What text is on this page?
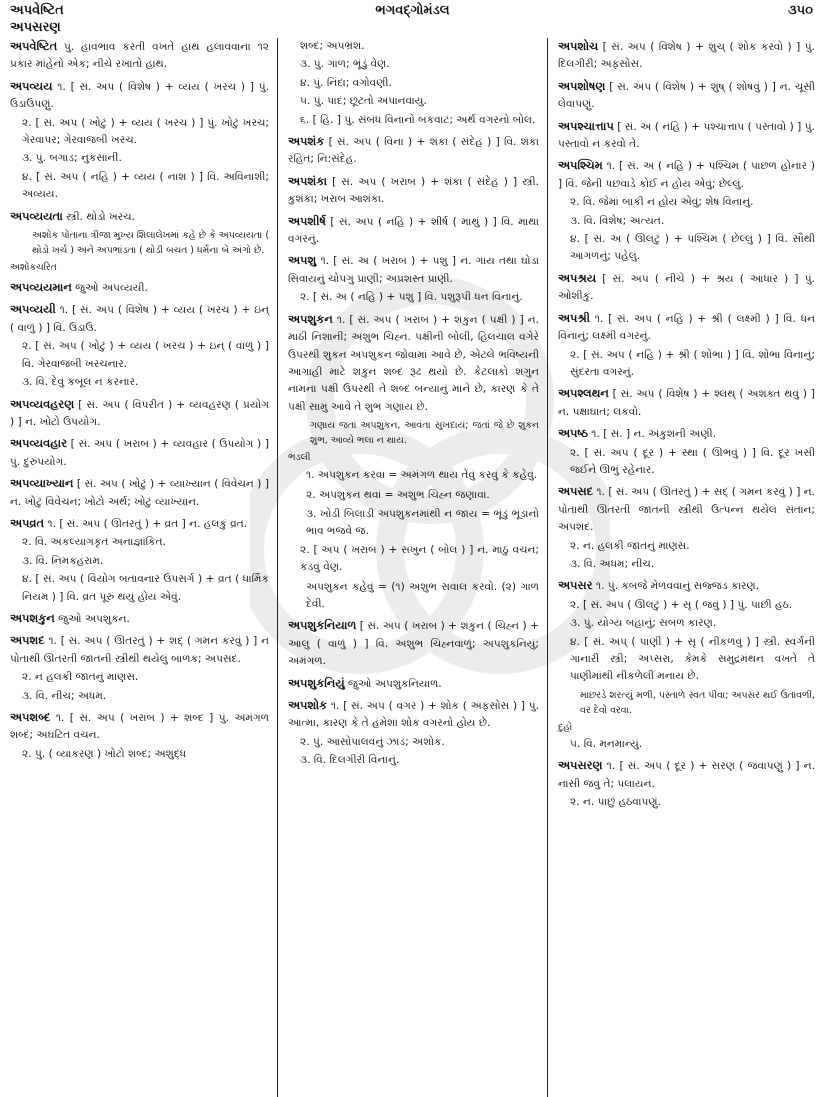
અપવેષ્ટિત
અપસરણ
ભગવદ્ગોમંડલ	૩૫૦

અપવેષ્ટિત પું. હાવભાવ કરતી વખતે હાથ હલાવવાના ૧૨ પ્રકાર માંહેનો એક; નીચે રખાતો હાથ.

અપવ્યય ૧. [ સં. અપ ( વિશેષ ) + વ્યય ( ખરચ ) ] પું. ઉડાઉપણું.

૨. [ સં. અપ ( ખોટું ) + વ્યય ( ખરચ ) ] પું. ખોટું ખરચ; ગેરવાપર; ગેરવાજબી ખરચ.

૩. પું. બગાડ; નુકસાની.

૪. [ સં. અપ ( નહિ ) + વ્યય ( નાશ ) ] વિ. અવિનાશી; અવ્યય.

અપવ્યયતા સ્ત્રી. થોડો ખરચ.

અશોક પોતાના ત્રીજા મુખ્ય શિલાલેખમાં કહે છે કે અપવ્યયતા ( થોડો ખર્ચ ) અને અપભાંડતા ( થોડી બચત ) ધર્મના બે અંગો છે.

અશોકચરિત

અપવ્યયમાન જુઓ અપવ્યયી.

અપવ્યયી ૧. [ સં. અપ ( વિશેષ ) + વ્યય ( ખરચ ) + ઇન્ ( વાળું ) ] વિ. ઉડાઉ.

૨. [ સં. અપ ( ખોટું ) + વ્યય ( ખરચ ) + ઇન્ ( વાળું ) ] વિ. ગેરવાજબી ખરચનાર.

૩. વિ. દેવું કબૂલ ન કરનાર.

અપવ્યવહરણ [ સં. અપ ( વિપરીત ) + વ્યવહરણ ( પ્રયોગ ) ] ન. ખોટો ઉપયોગ.

અપવ્યવહાર [ સં. અપ ( ખરાબ ) + વ્યવહાર ( ઉપયોગ ) ] પું. દુરુપયોગ.

અપવ્યાખ્યાન [ સં. અપ ( ખોટું ) + વ્યાખ્યાન ( વિવેચન ) ] ન. ખોટું વિવેચન; ખોટો અર્થ; ખોટું વ્યાખ્યાન.

અપવ્રત ૧. [ સં. અપ ( ઊતરતું ) + વ્રત ] ન. હલકું વ્રત.

૨. વિ. અકલ્યાગકૃત અનાજ્ઞાંકિત.

૩. વિ. નિમકહરામ.

૪. [ સં. અપ ( વિયોગ બતાવનાર ઉપસર્ગ ) + વ્રત ( ધાર્મિક નિયમ ) ] વિ. વ્રત પૂરું થયું હોય એવું.

અપશકુન જુઓ અપશુકન.

અપશદ ૧. [ સં. અપ ( ઊતરતું ) + શદ્ ( ગમન કરવું ) ] ન પોતાથી ઊતરતી જાતની સ્ત્રીથી થયેલું બાળક; અપસદ.

૨. ન હલકી જાતનું માણસ.

૩. વિ. નીચ; અધમ.

અપશબ્દ ૧. [ સં. અપ ( ખરાબ ) + શબ્દ ] પું. અમંગળ શબ્દ; અઘટિત વચન.

૨. પું. ( વ્યાકરણ ) ખોટો શબ્દ; અશુદ્ધ

શબ્દ; અપભ્રંશ.

૩. પું. ગાળ; ભૂંડું વેણ.

૪. પું. નિંદા; વગોવણી.

૫. પું. પાદ; છૂટતો અપાનવાયુ.

૬. [ હિં. ] પું. સંબંધ વિનાનો બકવાટ; અર્થ વગરનો બોલ.

અપશંક [ સં. અપ ( વિના ) + શંકા ( સંદેહ ) ] વિ. શંકા રહિત; નિ:સંદેહ.

અપશંકા [ સં. અપ ( ખરાબ ) + શંકા ( સંદેહ ) ] સ્ત્રી. કુશંકા; ખરાબ આશંકા.

અપશીર્ષ [ સં. અપ ( નહિ ) + શીર્ષ ( માથું ) ] વિ. માથા વગરનું.

અપશુ ૧. [ સં. અ ( ખરાબ ) + પશુ ] ન. ગાય તથા ઘોડા સિવાયનું ચોપગું પ્રાણી; અપ્રશસ્ત પ્રાણી.

૨. [ સં. અ ( નહિ ) + પશુ ] વિ. પશુરૂપી ધન વિનાનું.

અપશુકન ૧. [ સં. અપ ( ખરાબ ) + શકુન ( પક્ષી ) ] ન. માઠી નિશાની; અશુભ ચિહ્ન. પક્ષીની બોલી, હિલચાલ વગેરે ઉપરથી શુકન અપશુકન જોવામાં આવે છે, એટલે ભવિષ્યની આગાહી માટે શકુન શબ્દ રૂઢ થયો છે. કેટલાકો શગુન નામના પક્ષી ઉપરથી તે શબ્દ બન્યાનું માને છે, કારણ કે તે પક્ષી સામું આવે તે શુભ ગણાય છે.

ગણાય જતાં અપશુકન, આવંતા સુખદાય; જતાં જે છે શુકન શુભ, આવ્યે ભલા ન થાય.

ભડલી

૧. અપશુકન કરવા = અમંગળ થાય તેવું કરવું કે કહેવું.

૨. અપશુકન થવાં = અશુભ ચિહ્ન જણાવાં.

૩. ખોડી બિલાડી અપશુકનમાંથી ન જાય = ભૂંડું ભૂંડાનો ભાવ ભજવે જ.

૨. [ અપ ( ખરાબ ) + સખુન ( બોલ ) ] ન. માઠું વચન; કડવું વેણ.

અપશુકન કહેવું = (૧) અશુભ સવાલ કરવો. (૨) ગાળ દેવી.

અપશુકનિયાળ [ સં. અપ ( ખરાબ ) + શકુન ( ચિહ્ન ) + આલુ ( વાળું ) ] વિ. અશુભ ચિહ્નવાળું; અપશુકનિયું; અમંગળ.

અપશુકનિયું જુઓ અપશુકનિયાળ.

અપશોક ૧. [ સં. અપ ( વગર ) + શોક ( અફસોસ ) ] પું. આત્મા, કારણ કે તે હંમેશાં શોક વગરનો હોય છે.

૨. પું. આસોપાલવનું ઝાડ; અશોક.

૩. વિ. દિલગીરી વિનાનું.

અપશોચ [ સં. અપ ( વિશેષ ) + શુચ્ ( શોક કરવો ) ] પું. દિલગીરી; અફસોસ.

અપશોષણ [ સં. અપ ( વિશેષ ) + શુષ્ ( શોષવું ) ] ન. ચૂસી લેવાપણું.

અપશ્ચાત્તાપ [ સં. અ ( નહિ ) + પશ્ચાત્તાપ ( પસ્તાવો ) ] પું. પસ્તાવો ન કરવો તે.

અપશ્ચિમ ૧. [ સં. અ ( નહિ ) + પશ્ચિમ ( પાછળ હોનાર ) ] વિ. જેની પછવાડે કોઈ ન હોય એવું; છેલ્લું.

૨. વિ. જેમાં બાકી ન હોય એવું; શેષ વિનાનું.

૩. વિ. વિશેષ; અત્યંત.

૪. [ સં. અ ( ઊલટું ) + પશ્ચિમ ( છેલ્લું ) ] વિ. સૌથી આગળનું; પહેલું.

અપશ્રય [ સં. અપ ( નીચે ) + શ્રય ( આધાર ) ] પું. ઓશીકું.

અપશ્રી ૧. [ સં. અપ ( નહિ ) + શ્રી ( લક્ષ્મી ) ] વિ. ધન વિનાનું; લક્ષ્મી વગરનું.

૨. [ સં. અપ ( નહિ ) + શ્રી ( શોભા ) ] વિ. શોભા વિનાનું; સુંદરતા વગરનું.

અપશ્લથન [ સં. અપ ( વિશેષ ) + શ્લથ્ ( અશક્ત થવું ) ] ન. પક્ષાઘાત; લકવો.

અપષ્ઠ ૧. [ સં. ] ન. અંકુશની અણી.

૨. [ સં. અપ ( દૂર ) + સ્થા ( ઊભવું ) ] વિ. દૂર ખસી જઈને ઊભું રહેનાર.

અપસદ ૧. [ સં. અપ ( ઊતરતું ) + સદ્ ( ગમન કરવું ) ] ન. પોતાથી ઊતરતી જાતની સ્ત્રીથી ઉત્પન્ન થયેલ સંતાન; અપશદ.

૨. ન. હલકી જાતનું માણસ.

૩. વિ. અધમ; નીચ.

અપસર ૧. પું. કબજે મેળવવાનું સજ્જડ કારણ.

૨. [ સં. અપ ( ઊલટું ) + સૃ ( જવું ) ] પું. પાછી હઠ.

૩. પું. યોગ્ય બહાનું; સબળ કારણ.

૪. [ સં. અપ્ ( પાણી ) + સૃ ( નીકળવું ) ] સ્ત્રી. સ્વર્ગની ગાનારી સ્ત્રી; અપ્સરા, કેમકે સમુદ્રમંથન વખતે તે પાણીમાંથી નીકળેલી મનાય છે.

માછરડે શરત્યું મળી, પસ્તાળે સ્વત પીવા; અપસર થઈ ઉતાવળી, વર દેવો વરવા.

દુહો

૫. વિ. મનમાન્યું.

અપસરણ ૧. [ સં. અપ ( દૂર ) + સરણ ( જવાપણું ) ] ન. નાસી જવું તે; પલાયન.

૨. ન. પાછું હઠવાપણું.
